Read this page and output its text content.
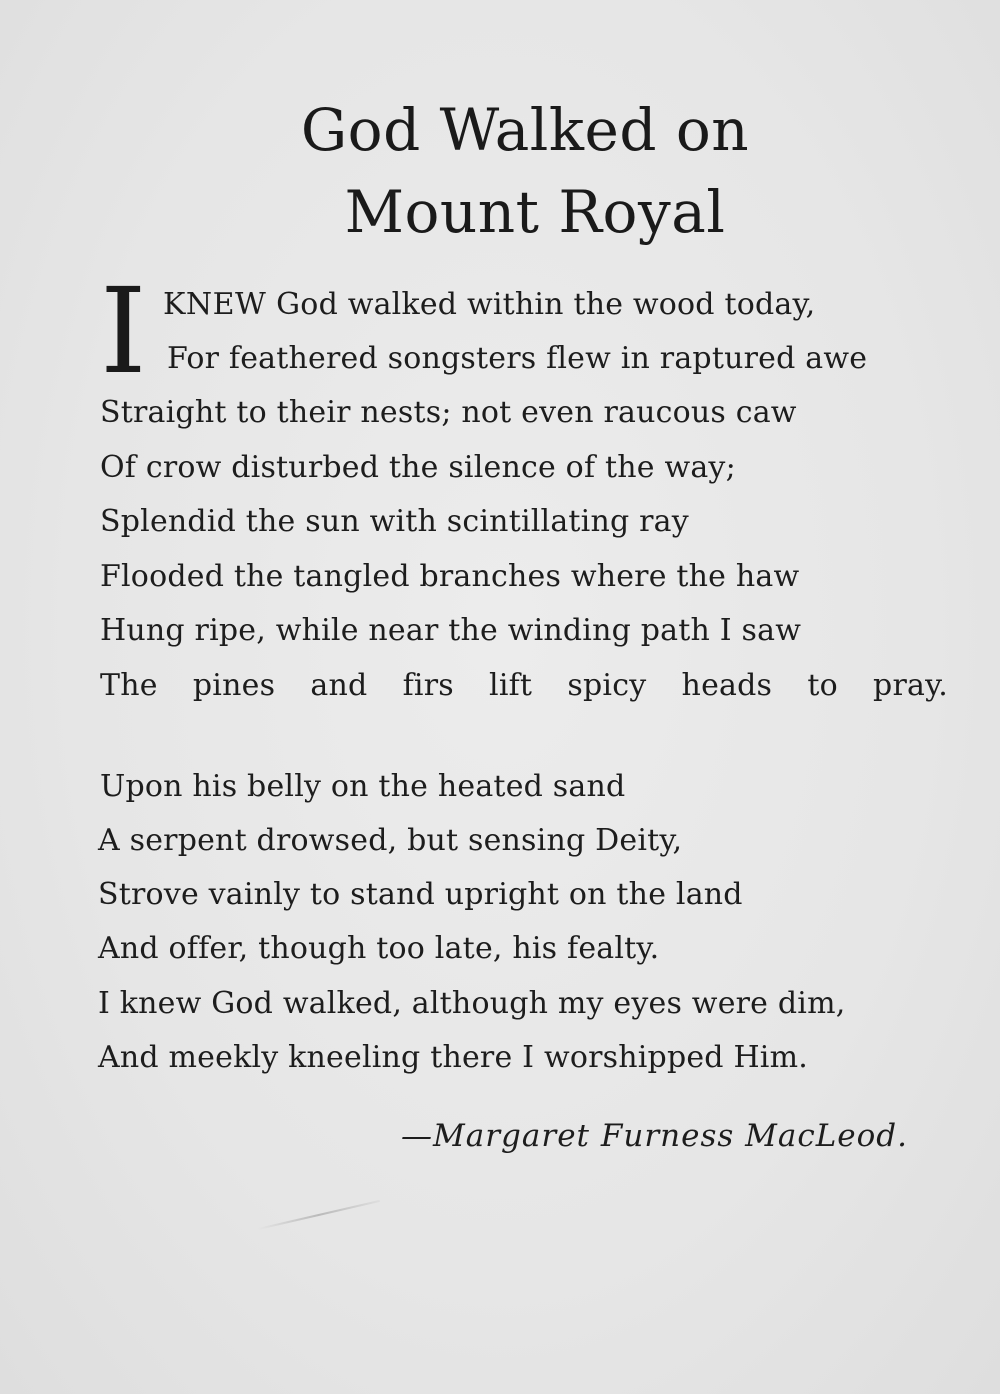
God Walked on
Mount Royal
I KNEW God walked within the wood today,
For feathered songsters flew in raptured awe
Straight to their nests; not even raucous caw
Of crow disturbed the silence of the way;
Splendid the sun with scintillating ray
Flooded the tangled branches where the haw
Hung ripe, while near the winding path I saw
The pines and firs lift spicy heads to pray.
Upon his belly on the heated sand
A serpent drowsed, but sensing Deity,
Strove vainly to stand upright on the land
And offer, though too late, his fealty.
I knew God walked, although my eyes were dim,
And meekly kneeling there I worshipped Him.
—Margaret Furness MacLeod.
